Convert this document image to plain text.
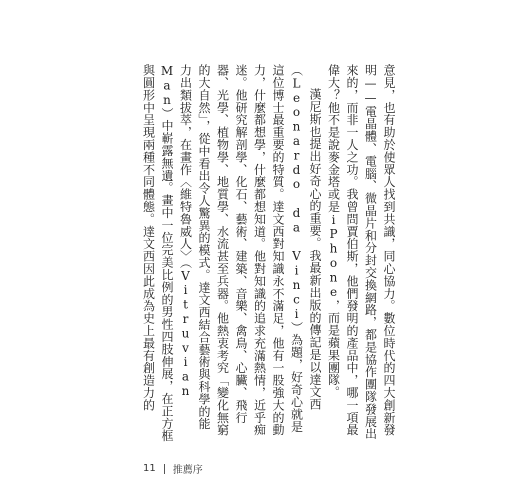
意見，也有助於使眾人找到共識，同心協力。數位時代的四大創新發明——電晶體、電腦、微晶片和分封交換網路，都是協作團隊發展出來的，而非一人之功。我曾問賈伯斯，他們發明的產品中，哪一項最偉大？他不是說麥金塔或是iPhone，而是蘋果團隊。

漢尼斯也提出好奇心的重要。我最新出版的傳記是以達文西（Leonardo da Vinci）為題，好奇心就是這位博士最重要的特質。達文西對知識永不滿足，他有一股強大的動力，什麼都想學，什麼都想知道。他對知識的追求充滿熱情，近乎痴迷。他研究解剖學、化石、藝術、建築、音樂、禽鳥、心臟、飛行器、光學、植物學、地質學、水流甚至兵器。他熱衷考究「變化無窮的大自然」，從中看出令人驚異的模式。達文西結合藝術與科學的能力出類拔萃，在畫作〈維特魯威人〉（Vitruvian Man）中嶄露無遺。畫中一位完美比例的男性四肢伸展，在正方框與圓形中呈現兩種不同體態。達文西因此成為史上最有創造力的

11 推薦序
